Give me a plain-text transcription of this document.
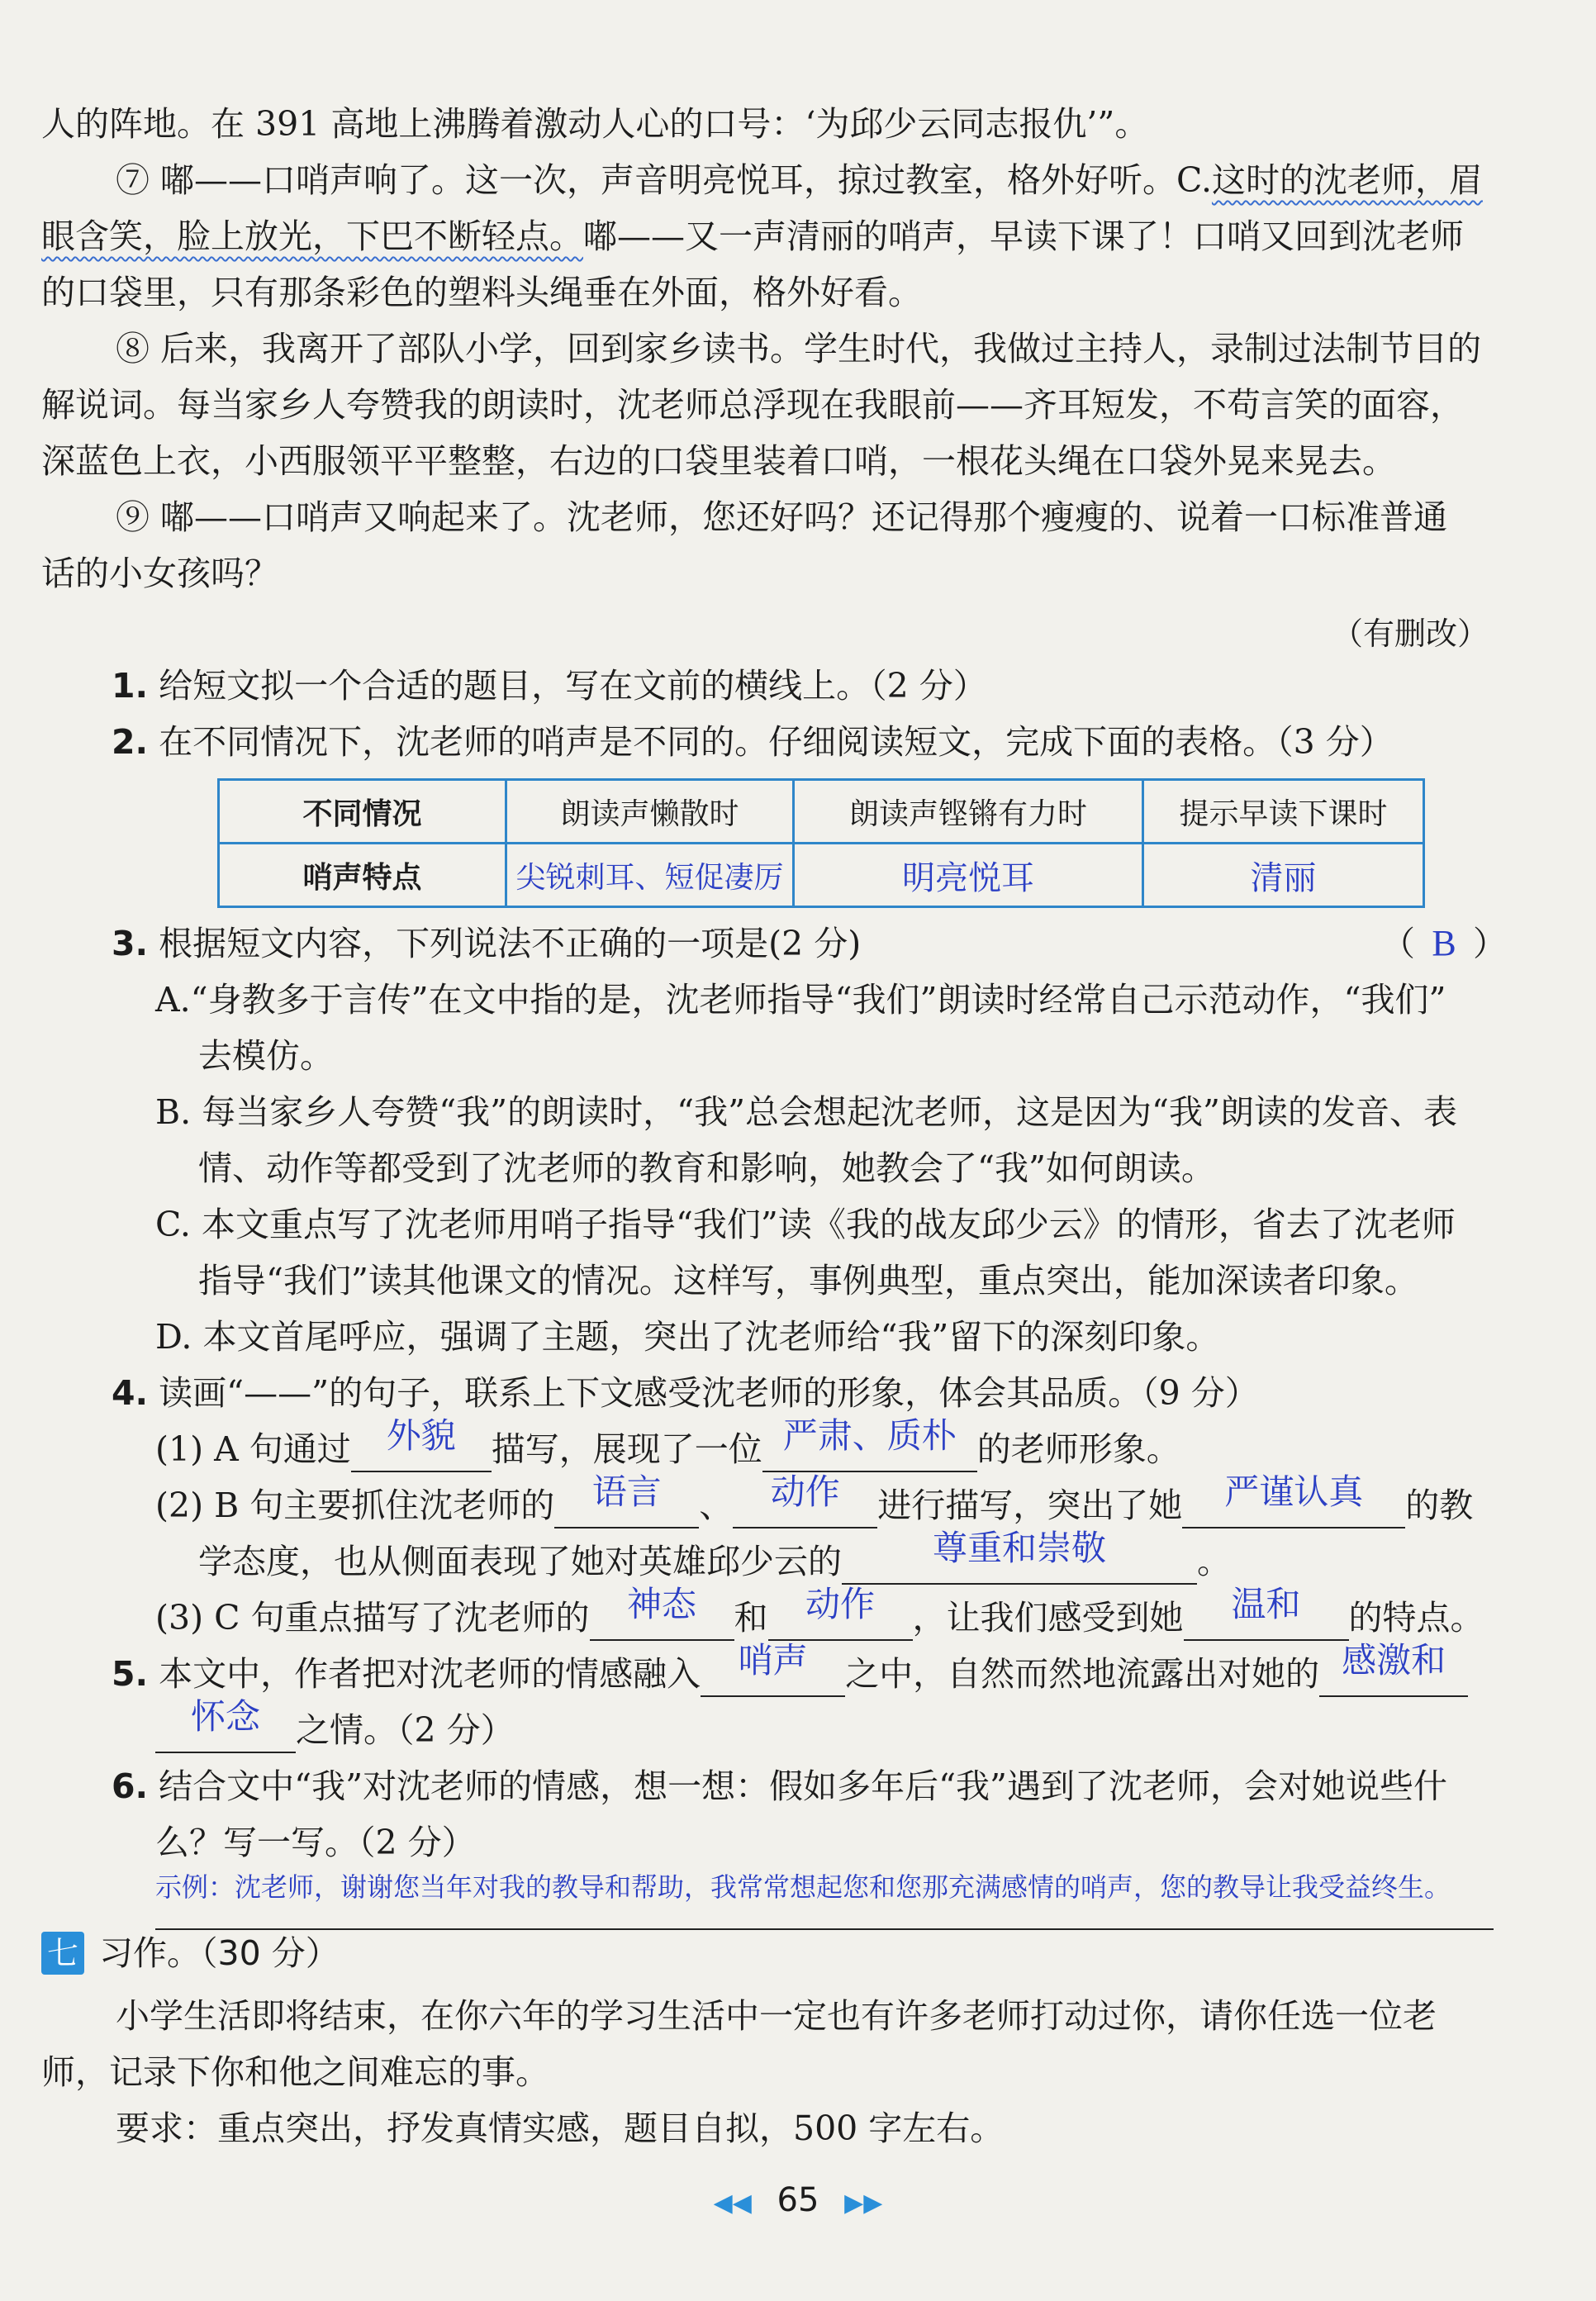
人的阵地。在 391 高地上沸腾着激动人心的口号：‘为邱少云同志报仇’”。
⑦ 嘟——口哨声响了。这一次，声音明亮悦耳，掠过教室，格外好听。C.这时的沈老师，眉
眼含笑，脸上放光，下巴不断轻点。嘟——又一声清丽的哨声，早读下课了！口哨又回到沈老师
的口袋里，只有那条彩色的塑料头绳垂在外面，格外好看。
⑧ 后来，我离开了部队小学，回到家乡读书。学生时代，我做过主持人，录制过法制节目的
解说词。每当家乡人夸赞我的朗读时，沈老师总浮现在我眼前——齐耳短发，不苟言笑的面容，
深蓝色上衣，小西服领平平整整，右边的口袋里装着口哨，一根花头绳在口袋外晃来晃去。
⑨ 嘟——口哨声又响起来了。沈老师，您还好吗？还记得那个瘦瘦的、说着一口标准普通
话的小女孩吗？
（有删改）
1. 给短文拟一个合适的题目，写在文前的横线上。（2 分）
2. 在不同情况下，沈老师的哨声是不同的。仔细阅读短文，完成下面的表格。（3 分）
不同情况	朗读声懒散时	朗读声铿锵有力时	提示早读下课时
哨声特点	尖锐刺耳、短促凄厉	明亮悦耳	清丽
3. 根据短文内容，下列说法不正确的一项是(2 分)	（ B ）
A.“身教多于言传”在文中指的是，沈老师指导“我们”朗读时经常自己示范动作，“我们”
去模仿。
B. 每当家乡人夸赞“我”的朗读时，“我”总会想起沈老师，这是因为“我”朗读的发音、表
情、动作等都受到了沈老师的教育和影响，她教会了“我”如何朗读。
C. 本文重点写了沈老师用哨子指导“我们”读《我的战友邱少云》的情形，省去了沈老师
指导“我们”读其他课文的情况。这样写，事例典型，重点突出，能加深读者印象。
D. 本文首尾呼应，强调了主题，突出了沈老师给“我”留下的深刻印象。
4. 读画“——”的句子，联系上下文感受沈老师的形象，体会其品质。（9 分）
(1) A 句通过 外貌 描写，展现了一位 严肃、质朴 的老师形象。
(2) B 句主要抓住沈老师的 语言 、 动作 进行描写，突出了她 严谨认真 的教
学态度，也从侧面表现了她对英雄邱少云的	尊重和崇敬	。
(3) C 句重点描写了沈老师的 神态 和 动作 ，让我们感受到她 温和 的特点。
5. 本文中，作者把对沈老师的情感融入 哨声 之中，自然而然地流露出对她的 感激和
怀念 之情。（2 分）
6. 结合文中“我”对沈老师的情感，想一想：假如多年后“我”遇到了沈老师，会对她说些什
么？写一写。（2 分）
示例：沈老师，谢谢您当年对我的教导和帮助，我常常想起您和您那充满感情的哨声，您的教导让我受益终生。
七 习作。（30 分）
小学生活即将结束，在你六年的学习生活中一定也有许多老师打动过你，请你任选一位老
师，记录下你和他之间难忘的事。
要求：重点突出，抒发真情实感，题目自拟，500 字左右。
◀◀ 65 ▶▶
